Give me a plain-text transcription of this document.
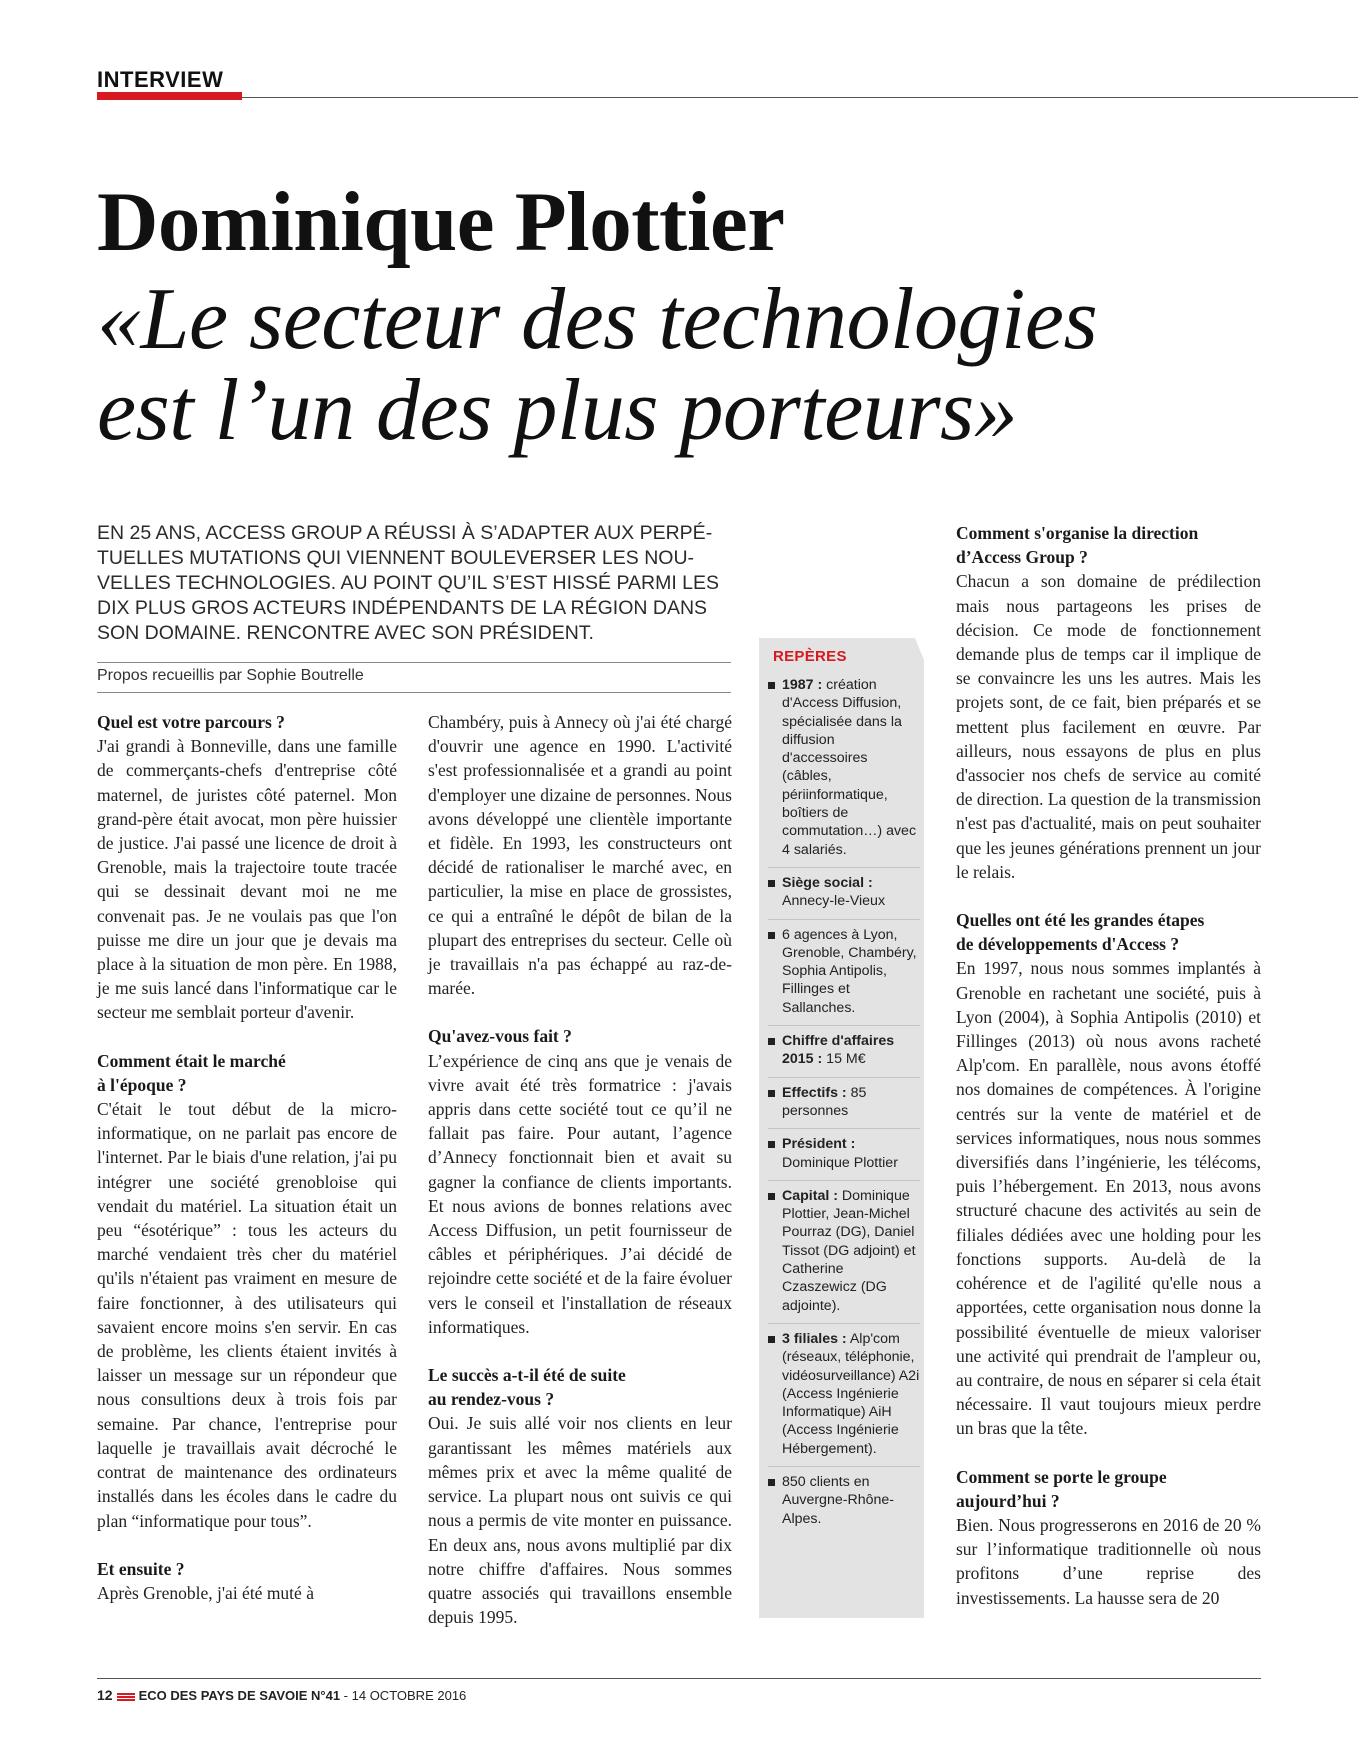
INTERVIEW
Dominique Plottier
«Le secteur des technologies
est l’un des plus porteurs»
EN 25 ANS, ACCESS GROUP A RÉUSSI À S’ADAPTER AUX PERPÉ-
TUELLES MUTATIONS QUI VIENNENT BOULEVERSER LES NOU-
VELLES TECHNOLOGIES. AU POINT QU’IL S’EST HISSÉ PARMI LES
DIX PLUS GROS ACTEURS INDÉPENDANTS DE LA RÉGION DANS
SON DOMAINE. RENCONTRE AVEC SON PRÉSIDENT.
Propos recueillis par Sophie Boutrelle
Quel est votre parcours ?

J'ai grandi à Bonneville, dans une famille de commerçants-chefs d'entreprise côté maternel, de juristes côté paternel. Mon grand-père était avocat, mon père huissier de justice. J'ai passé une licence de droit à Grenoble, mais la trajectoire toute tracée qui se dessinait devant moi ne me convenait pas. Je ne voulais pas que l'on puisse me dire un jour que je devais ma place à la situation de mon père. En 1988, je me suis lancé dans l'informatique car le secteur me semblait porteur d'avenir.

Comment était le marché
à l'époque ?

C'était le tout début de la micro-informatique, on ne parlait pas encore de l'internet. Par le biais d'une relation, j'ai pu intégrer une société grenobloise qui vendait du matériel. La situation était un peu “ésotérique” : tous les acteurs du marché vendaient très cher du matériel qu'ils n'étaient pas vraiment en mesure de faire fonctionner, à des utilisateurs qui savaient encore moins s'en servir. En cas de problème, les clients étaient invités à laisser un message sur un répondeur que nous consultions deux à trois fois par semaine. Par chance, l'entreprise pour laquelle je travaillais avait décroché le contrat de maintenance des ordinateurs installés dans les écoles dans le cadre du plan “informatique pour tous”.

Et ensuite ?

Après Grenoble, j'ai été muté à

Chambéry, puis à Annecy où j'ai été chargé d'ouvrir une agence en 1990. L'activité s'est professionnalisée et a grandi au point d'employer une dizaine de personnes. Nous avons développé une clientèle importante et fidèle. En 1993, les constructeurs ont décidé de rationaliser le marché avec, en particulier, la mise en place de grossistes, ce qui a entraîné le dépôt de bilan de la plupart des entreprises du secteur. Celle où je travaillais n'a pas échappé au raz-de-marée.

Qu'avez-vous fait ?

L’expérience de cinq ans que je venais de vivre avait été très formatrice : j'avais appris dans cette société tout ce qu’il ne fallait pas faire. Pour autant, l’agence d’Annecy fonctionnait bien et avait su gagner la confiance de clients importants. Et nous avions de bonnes relations avec Access Diffusion, un petit fournisseur de câbles et périphériques. J’ai décidé de rejoindre cette société et de la faire évoluer vers le conseil et l'installation de réseaux informatiques.

Le succès a-t-il été de suite
au rendez-vous ?

Oui. Je suis allé voir nos clients en leur garantissant les mêmes matériels aux mêmes prix et avec la même qualité de service. La plupart nous ont suivis ce qui nous a permis de vite monter en puissance. En deux ans, nous avons multiplié par dix notre chiffre d'affaires. Nous sommes quatre associés qui travaillons ensemble depuis 1995.

REPÈRES
1987 : création d'Access Diffusion, spécialisée dans la diffusion d'accessoires (câbles, périinformatique, boîtiers de commutation…) avec 4 salariés.
Siège social : Annecy-le-Vieux
6 agences à Lyon, Grenoble, Chambéry, Sophia Antipolis, Fillinges et Sallanches.
Chiffre d'affaires 2015 : 15 M€
Effectifs : 85 personnes
Président : Dominique Plottier
Capital : Dominique Plottier, Jean-Michel Pourraz (DG), Daniel Tissot (DG adjoint) et Catherine Czaszewicz (DG adjointe).
3 filiales : Alp'com (réseaux, téléphonie, vidéosurveillance) A2i (Access Ingénierie Informatique) AiH (Access Ingénierie Hébergement).
850 clients en Auvergne-Rhône-Alpes.
Comment s'organise la direction
d’Access Group ?

Chacun a son domaine de prédilection mais nous partageons les prises de décision. Ce mode de fonctionnement demande plus de temps car il implique de se convaincre les uns les autres. Mais les projets sont, de ce fait, bien préparés et se mettent plus facilement en œuvre. Par ailleurs, nous essayons de plus en plus d'associer nos chefs de service au comité de direction. La question de la transmission n'est pas d'actualité, mais on peut souhaiter que les jeunes générations prennent un jour le relais.

Quelles ont été les grandes étapes
de développements d'Access ?

En 1997, nous nous sommes implantés à Grenoble en rachetant une société, puis à Lyon (2004), à Sophia Antipolis (2010) et Fillinges (2013) où nous avons racheté Alp'com. En parallèle, nous avons étoffé nos domaines de compétences. À l'origine centrés sur la vente de matériel et de services informatiques, nous nous sommes diversifiés dans l’ingénierie, les télécoms, puis l’hébergement. En 2013, nous avons structuré chacune des activités au sein de filiales dédiées avec une holding pour les fonctions supports. Au-delà de la cohérence et de l'agilité qu'elle nous a apportées, cette organisation nous donne la possibilité éventuelle de mieux valoriser une activité qui prendrait de l'ampleur ou, au contraire, de nous en séparer si cela était nécessaire. Il vaut toujours mieux perdre un bras que la tête.

Comment se porte le groupe
aujourd’hui ?

Bien. Nous progresserons en 2016 de 20 % sur l’informatique traditionnelle où nous profitons d’une reprise des investissements. La hausse sera de 20

12 ECO DES PAYS DE SAVOIE N°41 - 14 OCTOBRE 2016
